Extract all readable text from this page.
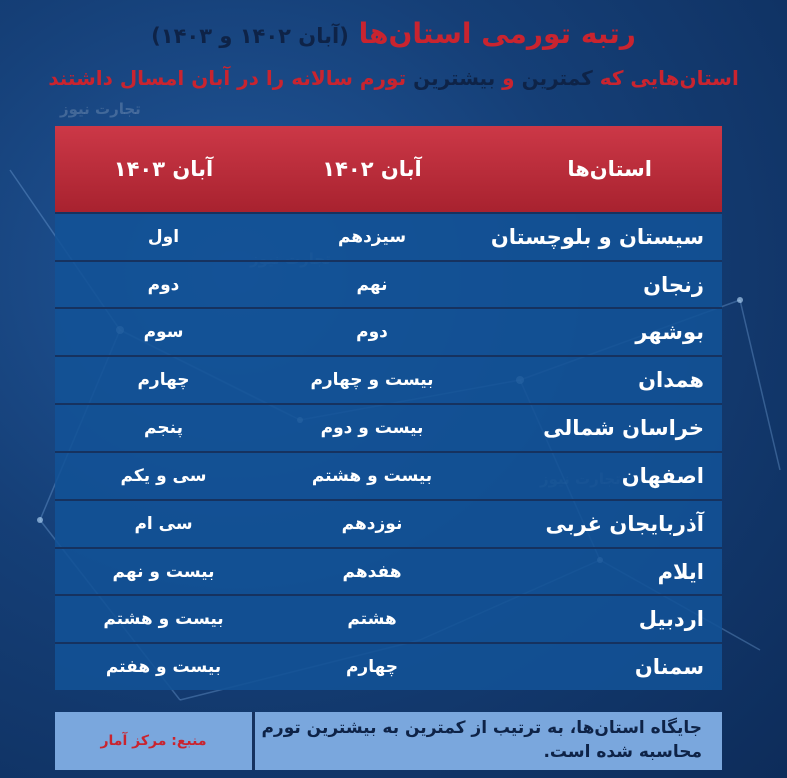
تجارت نیوز
رتبه تورمی استان‌ها (آبان ۱۴۰۲ و ۱۴۰۳)
استان‌هایی که کمترین و بیشترین تورم سالانه را در آبان امسال داشتند
استان‌ها
آبان ۱۴۰۲
آبان ۱۴۰۳
سیستان و بلوچستان
سیزدهم
اول
زنجان
نهم
دوم
بوشهر
دوم
سوم
همدان
بیست و چهارم
چهارم
خراسان شمالی
بیست و دوم
پنجم
اصفهان
بیست و هشتم
سی و یکم
آذربایجان غربی
نوزدهم
سی ام
ایلام
هفدهم
بیست و نهم
اردبیل
هشتم
بیست و هشتم
سمنان
چهارم
بیست و هفتم
جایگاه استان‌ها، به ترتیب از کمترین به بیشترین تورم محاسبه شده است.
منبع: مرکز آمار
